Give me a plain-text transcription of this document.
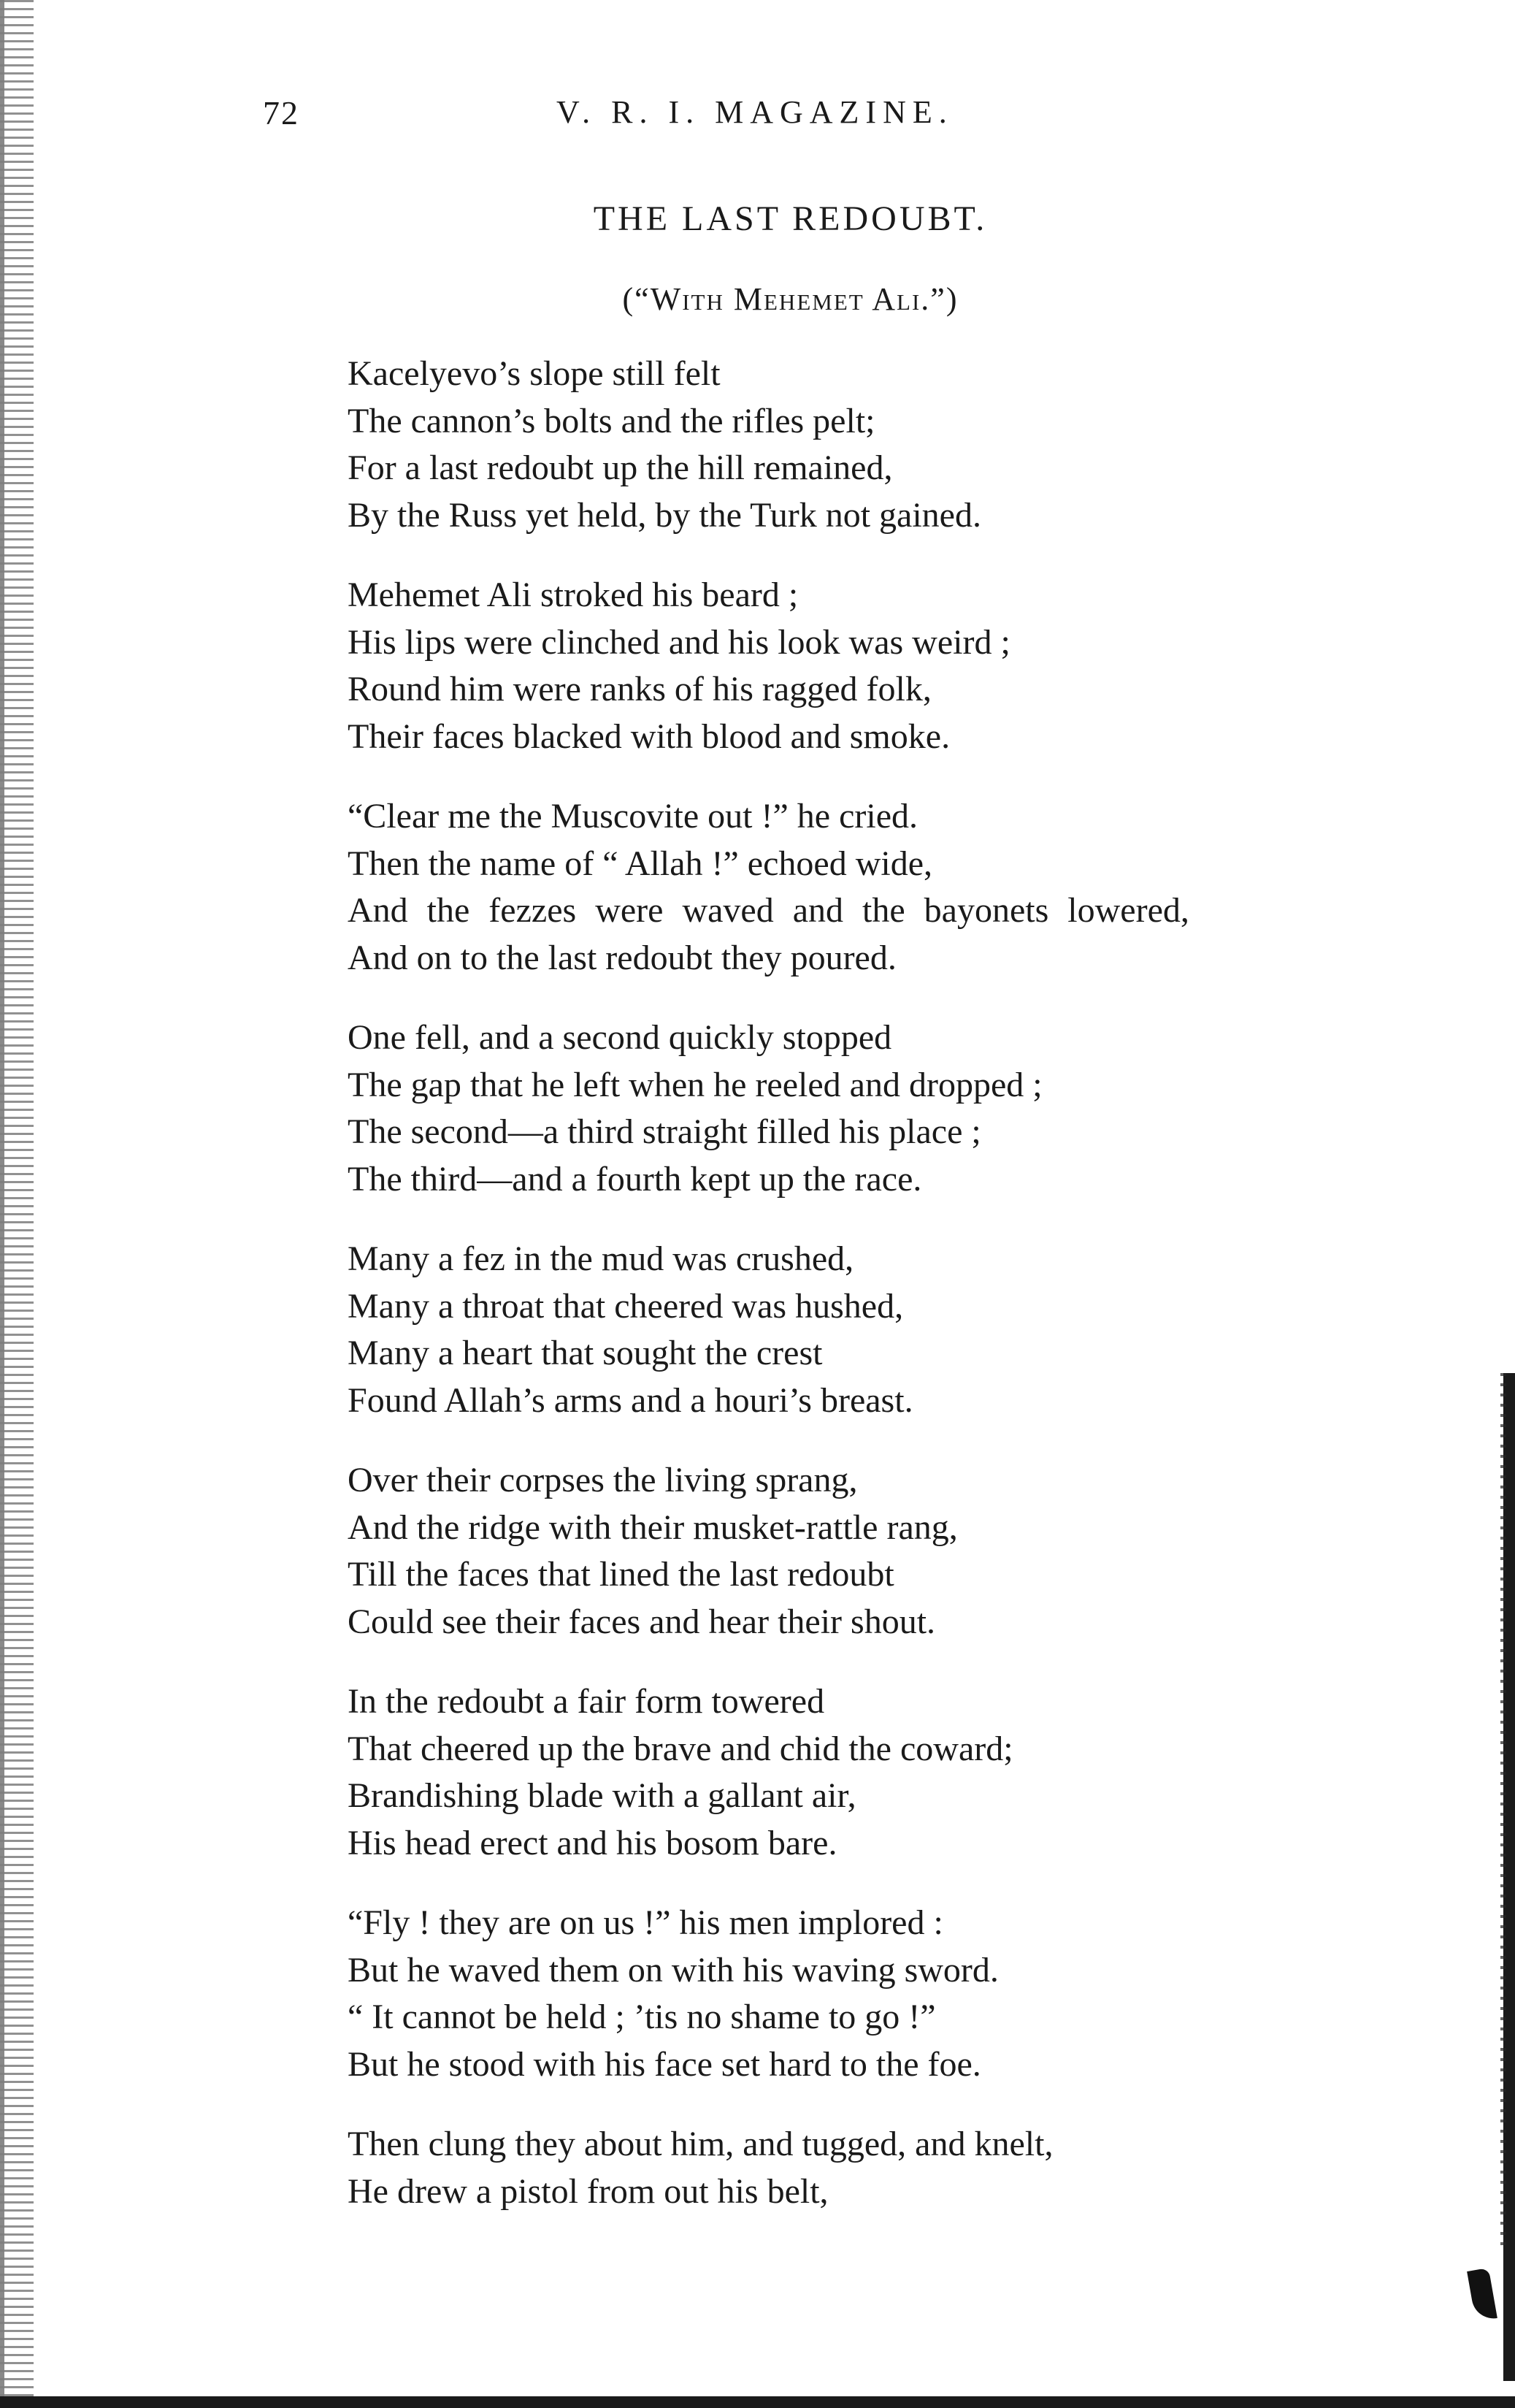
72	V. R. I. MAGAZINE.
THE LAST REDOUBT.
(“With Mehemet Ali.”)
Kacelyevo’s slope still felt
The cannon’s bolts and the rifles pelt;
For a last redoubt up the hill remained,
By the Russ yet held, by the Turk not gained.
Mehemet Ali stroked his beard ;
His lips were clinched and his look was weird ;
Round him were ranks of his ragged folk,
Their faces blacked with blood and smoke.
“Clear me the Muscovite out !” he cried.
Then the name of “ Allah !” echoed wide,
And the fezzes were waved and the bayonets lowered,
And on to the last redoubt they poured.
One fell, and a second quickly stopped
The gap that he left when he reeled and dropped ;
The second—a third straight filled his place ;
The third—and a fourth kept up the race.
Many a fez in the mud was crushed,
Many a throat that cheered was hushed,
Many a heart that sought the crest
Found Allah’s arms and a houri’s breast.
Over their corpses the living sprang,
And the ridge with their musket-rattle rang,
Till the faces that lined the last redoubt
Could see their faces and hear their shout.
In the redoubt a fair form towered
That cheered up the brave and chid the coward;
Brandishing blade with a gallant air,
His head erect and his bosom bare.
“Fly ! they are on us !” his men implored :
But he waved them on with his waving sword.
“ It cannot be held ; ’tis no shame to go !”
But he stood with his face set hard to the foe.
Then clung they about him, and tugged, and knelt,
He drew a pistol from out his belt,
